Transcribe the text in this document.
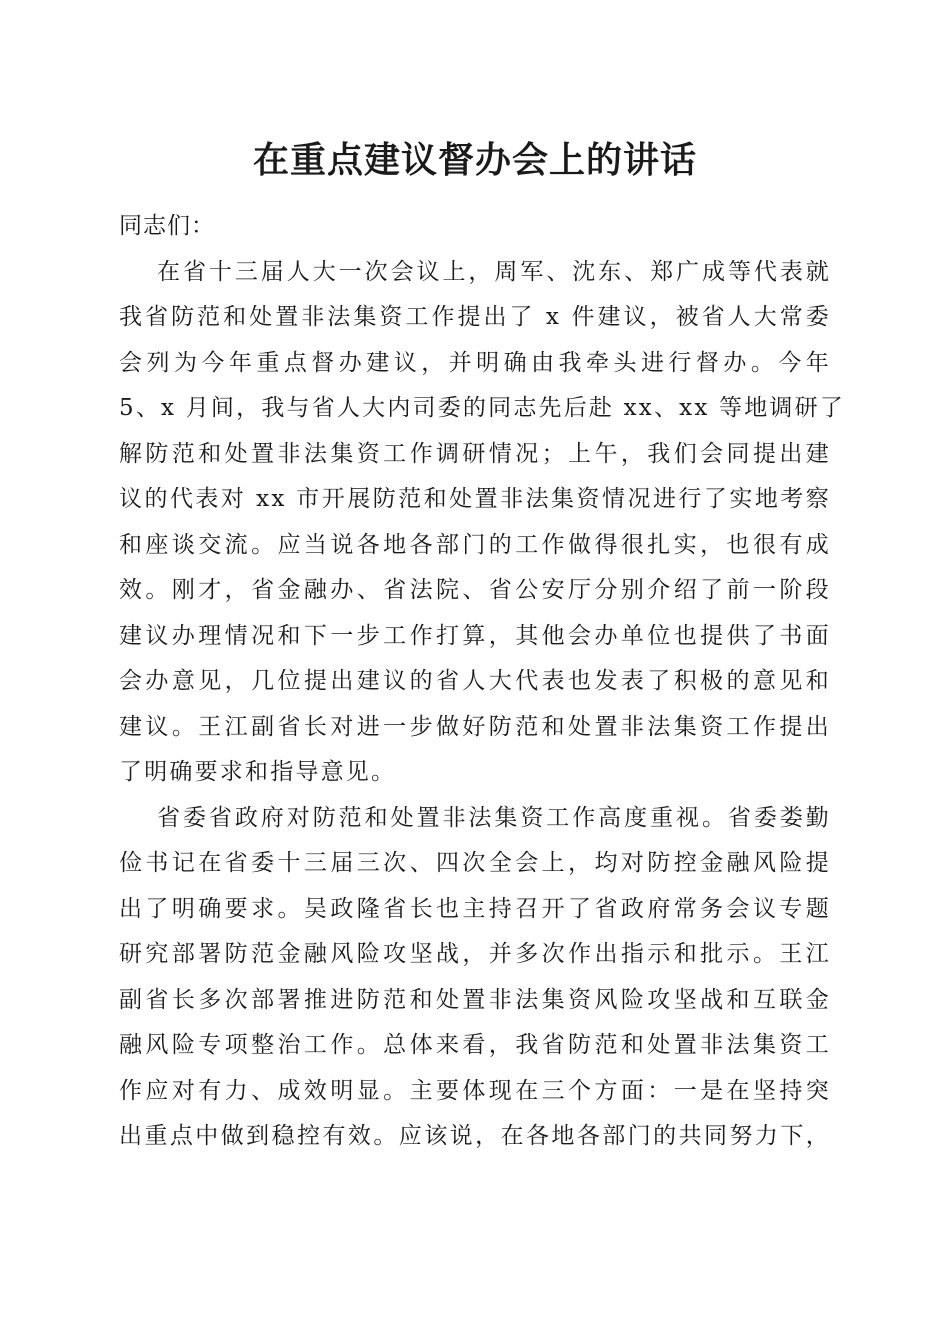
在重点建议督办会上的讲话

同志们：

在省十三届人大一次会议上，周军、沈东、郑广成等代表就
我省防范和处置非法集资工作提出了 x 件建议，被省人大常委
会列为今年重点督办建议，并明确由我牵头进行督办。今年
5、x 月间，我与省人大内司委的同志先后赴 xx、xx 等地调研了
解防范和处置非法集资工作调研情况；上午，我们会同提出建
议的代表对 xx 市开展防范和处置非法集资情况进行了实地考察
和座谈交流。应当说各地各部门的工作做得很扎实，也很有成
效。刚才，省金融办、省法院、省公安厅分别介绍了前一阶段
建议办理情况和下一步工作打算，其他会办单位也提供了书面
会办意见，几位提出建议的省人大代表也发表了积极的意见和
建议。王江副省长对进一步做好防范和处置非法集资工作提出
了明确要求和指导意见。

省委省政府对防范和处置非法集资工作高度重视。省委娄勤
俭书记在省委十三届三次、四次全会上，均对防控金融风险提
出了明确要求。吴政隆省长也主持召开了省政府常务会议专题
研究部署防范金融风险攻坚战，并多次作出指示和批示。王江
副省长多次部署推进防范和处置非法集资风险攻坚战和互联金
融风险专项整治工作。总体来看，我省防范和处置非法集资工
作应对有力、成效明显。主要体现在三个方面：一是在坚持突
出重点中做到稳控有效。应该说，在各地各部门的共同努力下，
